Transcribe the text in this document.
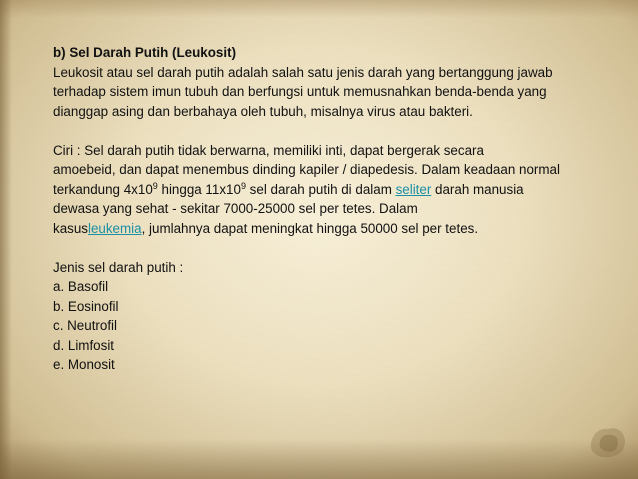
b) Sel Darah Putih (Leukosit)

Leukosit atau sel darah putih adalah salah satu jenis darah yang bertanggung jawab

terhadap sistem imun tubuh dan berfungsi untuk memusnahkan benda-benda yang

dianggap asing dan berbahaya oleh tubuh, misalnya virus atau bakteri.

Ciri : Sel darah putih tidak berwarna, memiliki inti, dapat bergerak secara

amoebeid, dan dapat menembus dinding kapiler / diapedesis. Dalam keadaan normal

terkandung $4x10^9$ hingga $11x10^9$ sel darah putih di dalam seliter darah manusia

dewasa yang sehat - sekitar 7000-25000 sel per tetes. Dalam

kasusleukemia, jumlahnya dapat meningkat hingga 50000 sel per tetes.

Jenis sel darah putih :

a. Basofil

b. Eosinofil

c. Neutrofil

d. Limfosit

e. Monosit
